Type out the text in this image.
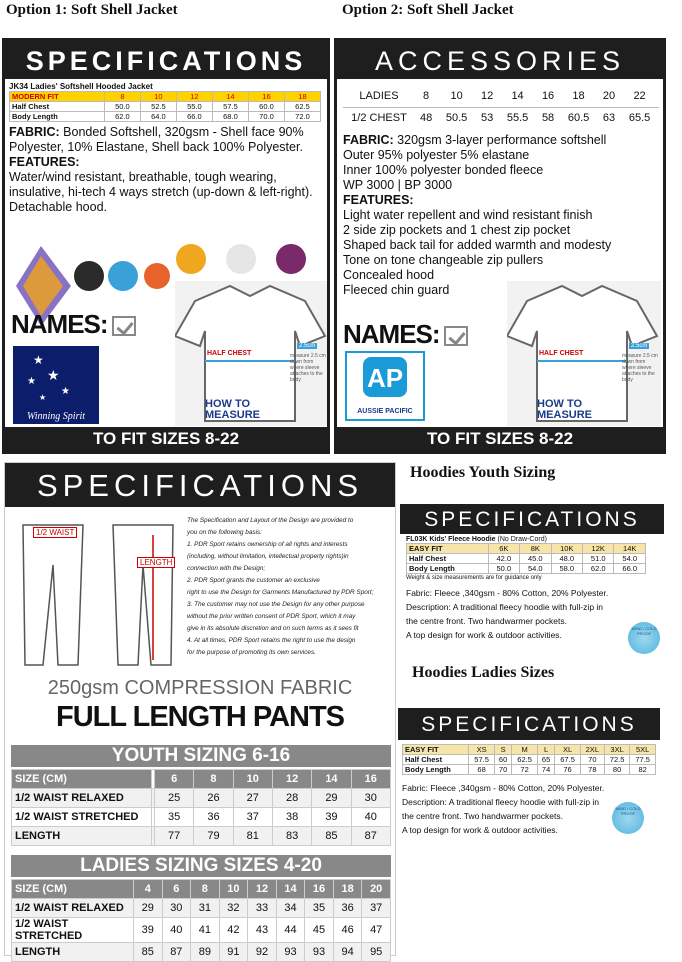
Option 1: Soft Shell Jacket
SPECIFICATIONS
JK34 Ladies' Softshell Hooded Jacket
MODERN FIT	8	10	12	14	16	18
Half Chest	50.0	52.5	55.0	57.5	60.0	62.5
Body Length	62.0	64.0	66.0	68.0	70.0	72.0
FABRIC: Bonded Softshell, 320gsm - Shell face 90% Polyester, 10% Elastane, Shell back 100% Polyester.
FEATURES:
Water/wind resistant, breathable, tough wearing, insulative, hi-tech 4 ways stretch (up-down & left-right). Detachable hood.
NAMES:
★
★ ★
★
★
Winning Spirit
HALF CHEST
2.5cm
measure 2.5 cm down from where sleeve attaches to the body
HOW TO MEASURE
TO FIT SIZES 8-22
Option 2: Soft Shell Jacket
ACCESSORIES
LADIES	8	10	12	14	16	18	20	22
1/2 CHEST	48	50.5	53	55.5	58	60.5	63	65.5
FABRIC: 320gsm 3-layer performance softshell
Outer 95% polyester 5% elastane
Inner 100% polyester bonded fleece
WP 3000 | BP 3000
FEATURES:
Light water repellent and wind resistant finish
2 side zip pockets and 1 chest zip pocket
Shaped back tail for added warmth and modesty
Tone on tone changeable zip pullers
Concealed hood
Fleeced chin guard
NAMES:
AP
AUSSIE PACIFIC
HALF CHEST
2.5cm
measure 2.5 cm down from where sleeve attaches to the body
HOW TO MEASURE
TO FIT SIZES 8-22
SPECIFICATIONS
1/2 WAIST
LENGTH
The Specification and Layout of the Design are provided to
you on the following basis:
1. PDR Sport retains ownership of all rights and interests
(including, without limitation, intellectual property rights)in
connection with the Design;
2. PDR Sport grants the customer an exclusive
right to use the Design for Garments Manufactured by PDR Sport;
3. The customer may not use the Design for any other purpose
without the prior written consent of PDR Sport, which it may
give in its absolute discretion and on such terms as it sees fit
4. At all times, PDR Sport retains the right to use the design
for the purpose of promoting its own services.
250gsm COMPRESSION FABRIC
FULL LENGTH PANTS
YOUTH SIZING 6-16
SIZE (CM)		6	8	10	12	14	16
1/2 WAIST RELAXED		25	26	27	28	29	30
1/2 WAIST STRETCHED		35	36	37	38	39	40
LENGTH		77	79	81	83	85	87
LADIES SIZING SIZES 4-20
SIZE (CM)	4	6	8	10	12	14	16	18	20
1/2 WAIST RELAXED	29	30	31	32	33	34	35	36	37
1/2 WAIST STRETCHED	39	40	41	42	43	44	45	46	47
LENGTH	85	87	89	91	92	93	93	94	95
Hoodies Youth Sizing
SPECIFICATIONS
FL03K Kids' Fleece Hoodie (No Draw-Cord)
EASY FIT	6K	8K	10K	12K	14K
Half Chest	42.0	45.0	48.0	51.0	54.0
Body Length	50.0	54.0	58.0	62.0	66.0
Weight & size measurements are for guidance only
Fabric: Fleece ,340gsm - 80% Cotton, 20% Polyester.
Description: A traditional fleecy hoodie with full-zip in
the centre front. Two handwarmer pockets.
A top design for work & outdoor activities.
WIND / COLD PROOF
Hoodies Ladies Sizes
SPECIFICATIONS
EASY FIT	XS	S	M	L	XL	2XL	3XL	5XL
Half Chest	57.5	60	62.5	65	67.5	70	72.5	77.5
Body Length	68	70	72	74	76	78	80	82
Fabric: Fleece ,340gsm - 80% Cotton, 20% Polyester.
Description: A traditional fleecy hoodie with full-zip in
the centre front. Two handwarmer pockets.
A top design for work & outdoor activities.
WIND / COLD PROOF
